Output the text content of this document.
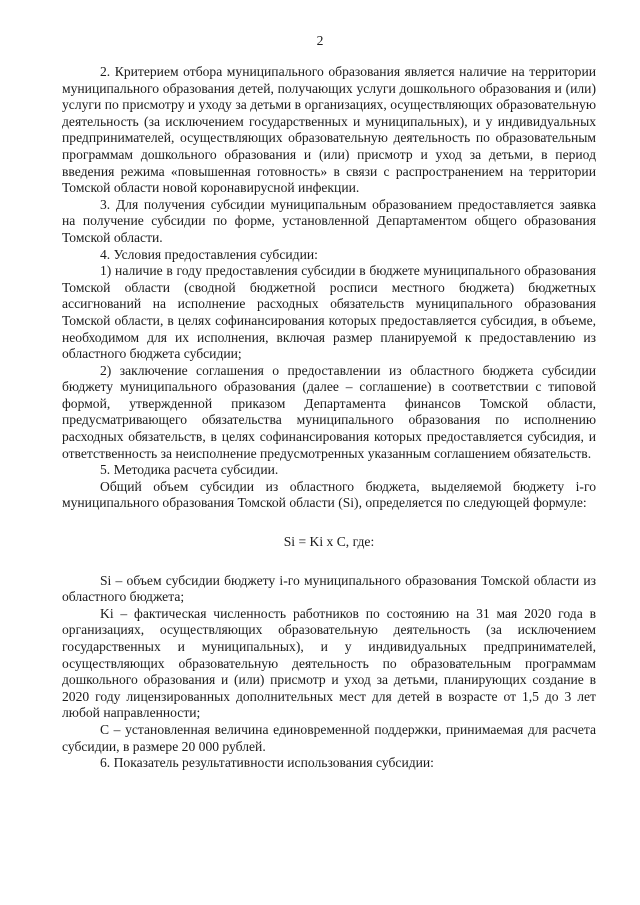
2

2. Критерием отбора муниципального образования является наличие на территории муниципального образования детей, получающих услуги дошкольного образования и (или) услуги по присмотру и уходу за детьми в организациях, осуществляющих образовательную деятельность (за исключением государственных и муниципальных), и у индивидуальных предпринимателей, осуществляющих образовательную деятельность по образовательным программам дошкольного образования и (или) присмотр и уход за детьми, в период введения режима «повышенная готовность» в связи с распространением на территории Томской области новой коронавирусной инфекции.

3. Для получения субсидии муниципальным образованием предоставляется заявка на получение субсидии по форме, установленной Департаментом общего образования Томской области.

4. Условия предоставления субсидии:

1) наличие в году предоставления субсидии в бюджете муниципального образования Томской области (сводной бюджетной росписи местного бюджета) бюджетных ассигнований на исполнение расходных обязательств муниципального образования Томской области, в целях софинансирования которых предоставляется субсидия, в объеме, необходимом для их исполнения, включая размер планируемой к предоставлению из областного бюджета субсидии;

2) заключение соглашения о предоставлении из областного бюджета субсидии бюджету муниципального образования (далее – соглашение) в соответствии с типовой формой, утвержденной приказом Департамента финансов Томской области, предусматривающего обязательства муниципального образования по исполнению расходных обязательств, в целях софинансирования которых предоставляется субсидия, и ответственность за неисполнение предусмотренных указанным соглашением обязательств.

5. Методика расчета субсидии.

Общий объем субсидии из областного бюджета, выделяемой бюджету i-го муниципального образования Томской области (Si), определяется по следующей формуле:

Si = Ki x C, где:

Si – объем субсидии бюджету i-го муниципального образования Томской области из областного бюджета;

Ki – фактическая численность работников по состоянию на 31 мая 2020 года в организациях, осуществляющих образовательную деятельность (за исключением государственных и муниципальных), и у индивидуальных предпринимателей, осуществляющих образовательную деятельность по образовательным программам дошкольного образования и (или) присмотр и уход за детьми, планирующих создание в 2020 году лицензированных дополнительных мест для детей в возрасте от 1,5 до 3 лет любой направленности;

С – установленная величина единовременной поддержки, принимаемая для расчета субсидии, в размере 20 000 рублей.

6. Показатель результативности использования субсидии:
